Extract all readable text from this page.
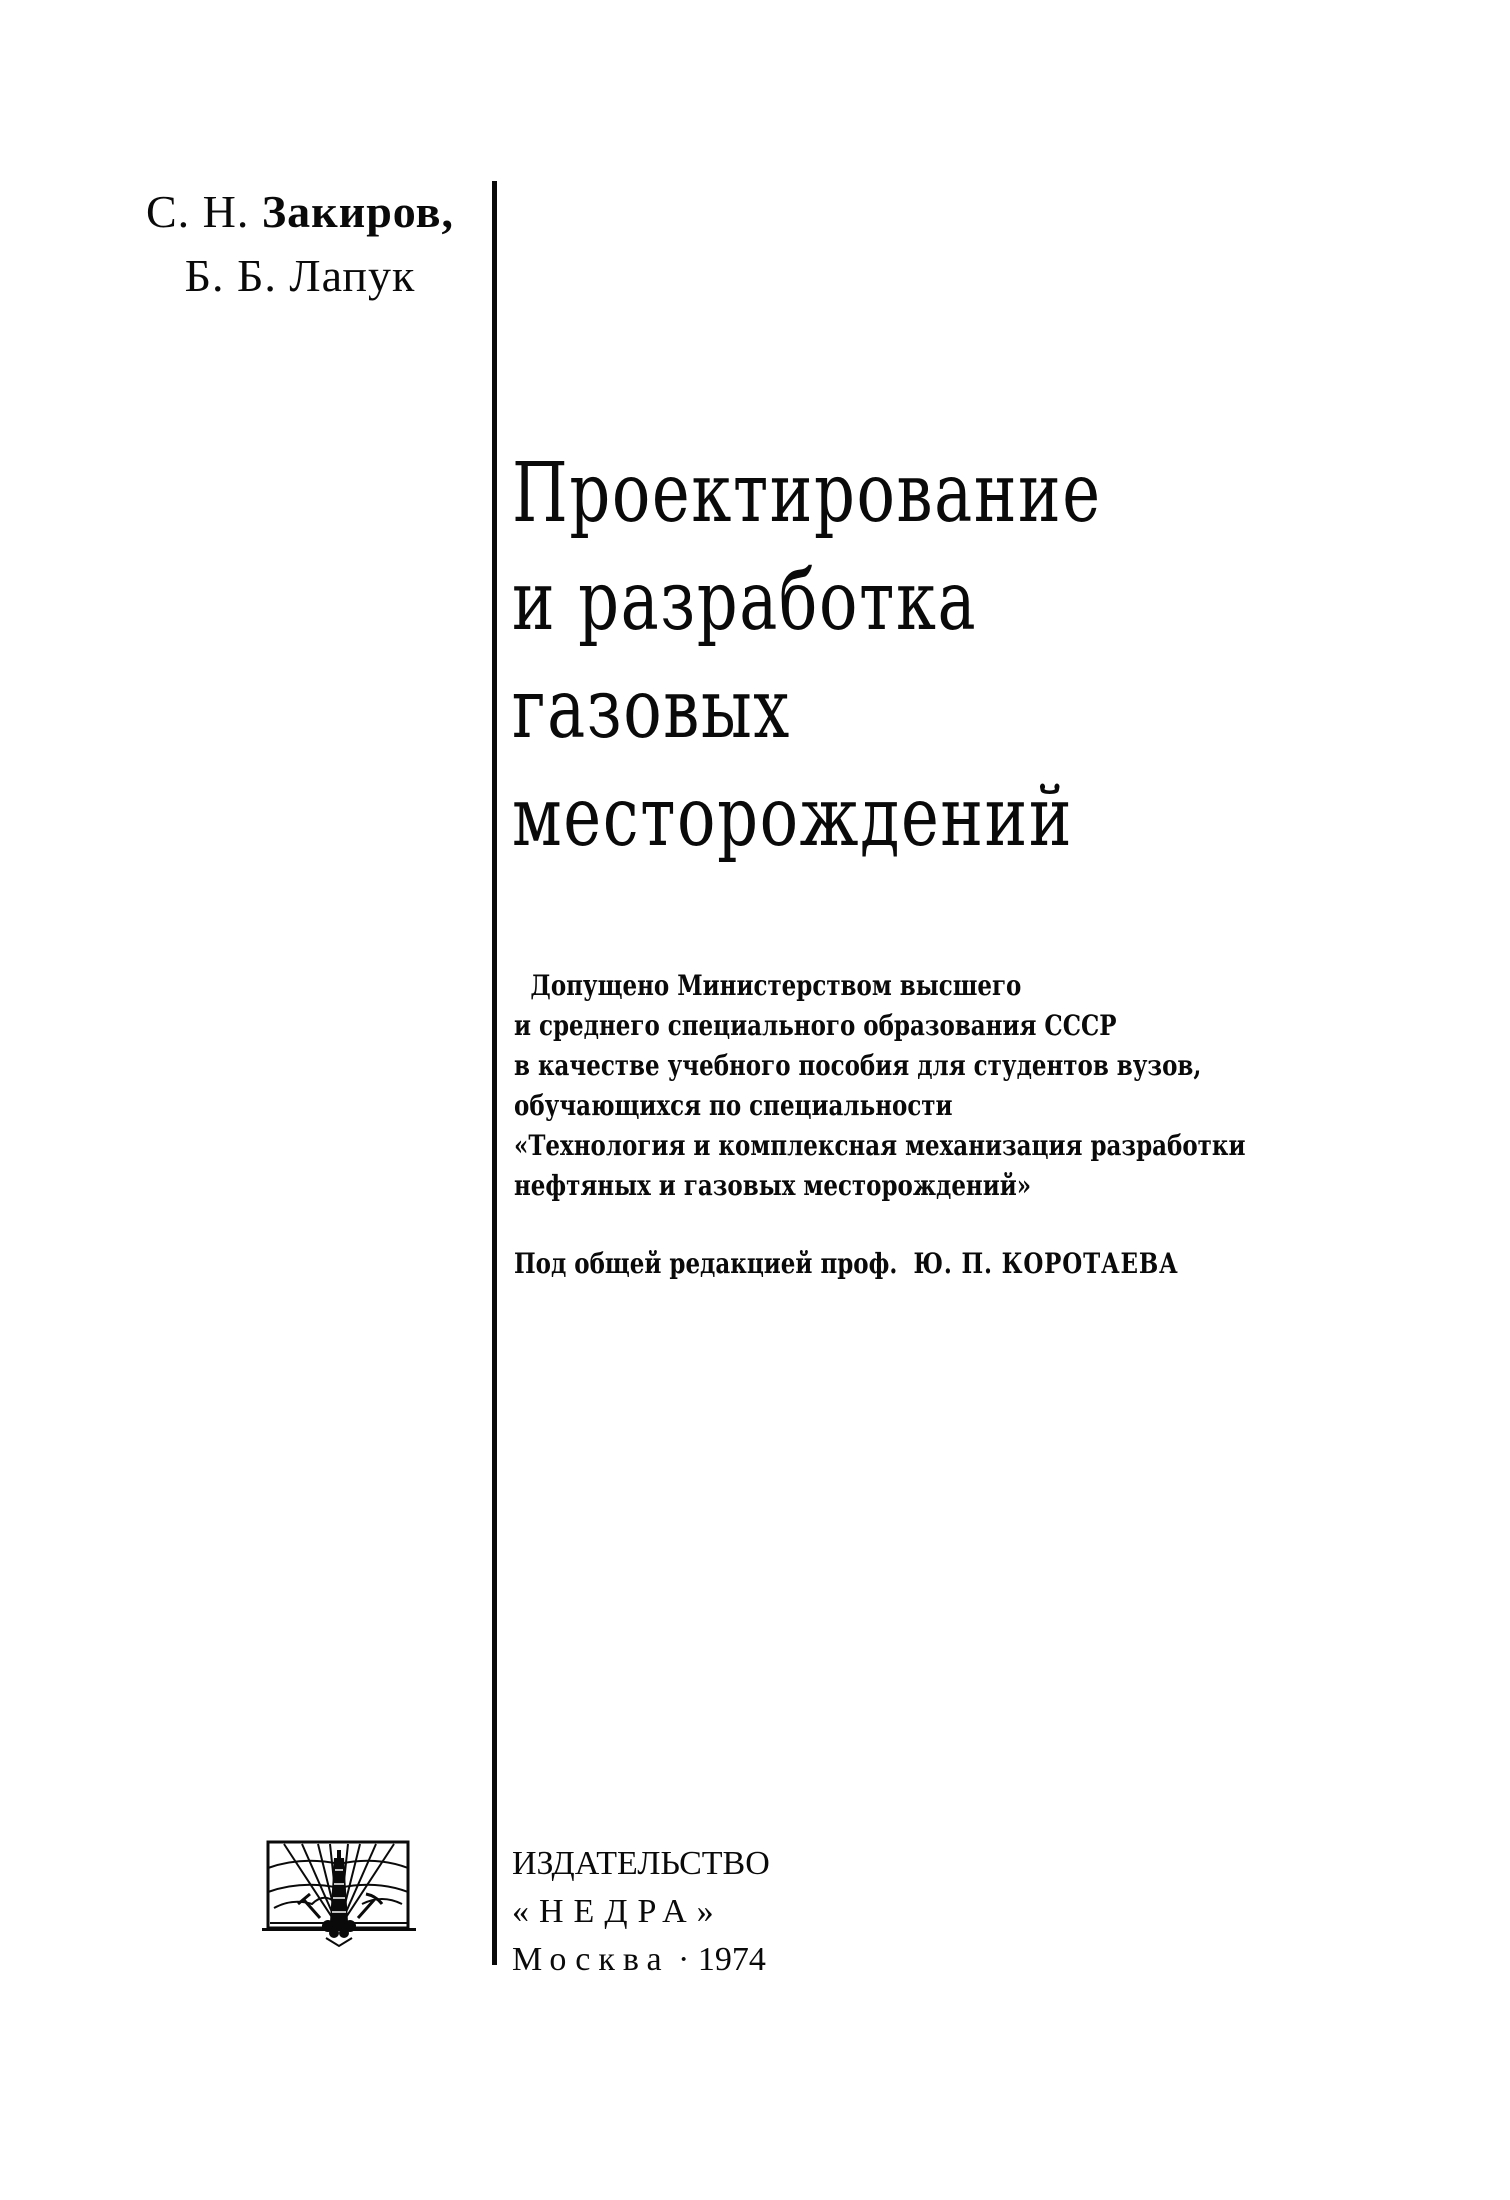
С. Н. Закиров,
Б. Б. Лапук
Проектирование
и разработка
газовых
месторождений
Допущено Министерством высшего
и среднего специального образования СССР
в качестве учебного пособия для студентов вузов,
обучающихся по специальности
«Технология и комплексная механизация разработки
нефтяных и газовых месторождений»
Под общей редакцией проф. Ю. П. КОРОТАЕВА
ИЗДАТЕЛЬСТВО
«НЕДРА»
Москва · 1974
